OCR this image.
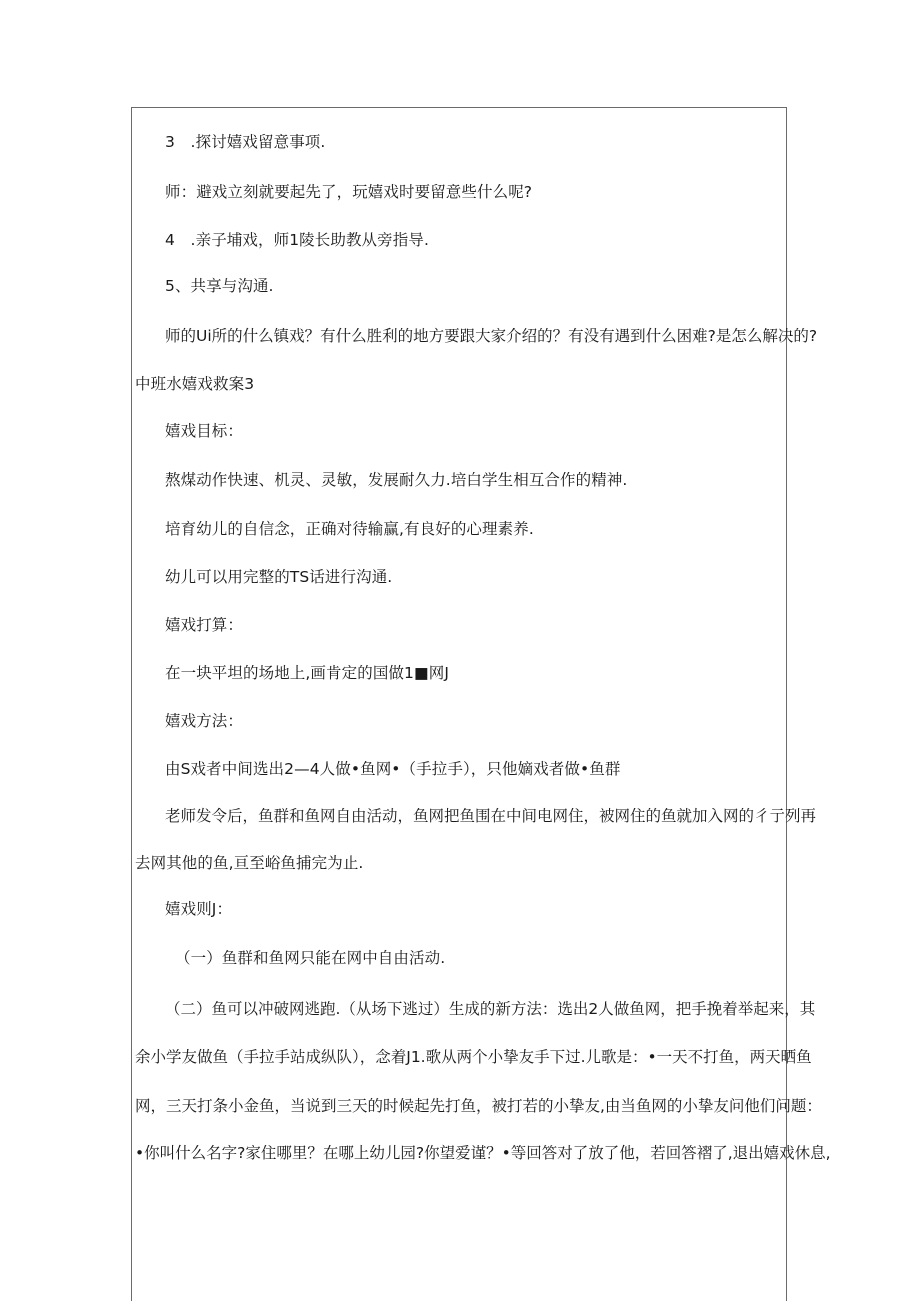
3　.探讨嬉戏留意事项.
师：避戏立刻就要起先了，玩嬉戏时要留意些什么呢?
4　.亲子埔戏，师1陵长助教从旁指导.
5、共享与沟通.
师的Ui所的什么镇戏？有什么胜利的地方要跟大家介绍的？有没有遇到什么困难?是怎么解决的?
中班水嬉戏救案3
嬉戏目标：
熬煤动作快速、机灵、灵敏，发展耐久力.培白学生相互合作的精神.
培育幼儿的自信念，正确对待输赢,有良好的心理素养.
幼儿可以用完整的TS话进行沟通.
嬉戏打算：
在一块平坦的场地上,画肯定的国做1■网J
嬉戏方法：
由S戏者中间选出2—4人做•鱼网•（手拉手），只他嫡戏者做•鱼群
老师发令后，鱼群和鱼网自由活动，鱼网把鱼围在中间电网住，被网住的鱼就加入网的彳亍列再
去网其他的鱼,亘至峪鱼捕完为止.
嬉戏则J：
（一）鱼群和鱼网只能在网中自由活动.
（二）鱼可以冲破网逃跑.（从场下逃过）生成的新方法：选出2人做鱼网，把手挽着举起来，其
余小学友做鱼（手拉手站成纵队），念着J1.歌从两个小挚友手下过.儿歌是：•一天不打鱼，两天晒鱼
网，三天打条小金鱼，当说到三天的时候起先打鱼，被打若的小挚友,由当鱼网的小挚友问他们问题：
•你叫什么名字?家住哪里？在哪上幼儿园?你望爱谨？•等回答对了放了他，若回答褶了,退出嬉戏休息,
